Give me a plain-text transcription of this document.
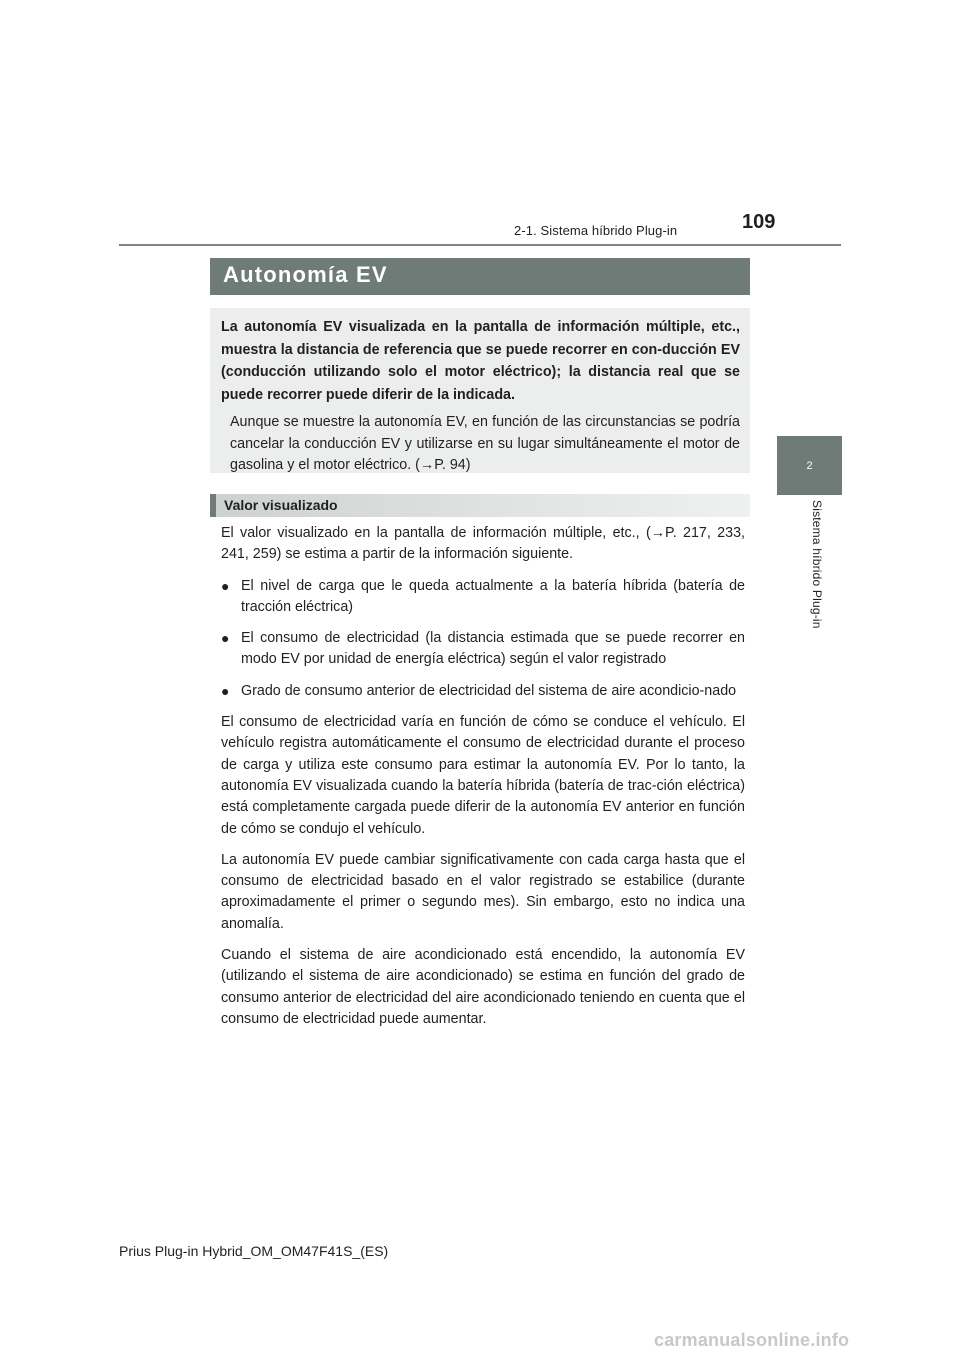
2-1. Sistema híbrido Plug-in	109
2
Sistema híbrido Plug-in
Autonomía EV

La autonomía EV visualizada en la pantalla de información múltiple, etc., muestra la distancia de referencia que se puede recorrer en con-ducción EV (conducción utilizando solo el motor eléctrico); la distancia real que se puede recorrer puede diferir de la indicada.

Aunque se muestre la autonomía EV, en función de las circunstancias se podría cancelar la conducción EV y utilizarse en su lugar simultáneamente el motor de gasolina y el motor eléctrico. (→P. 94)

Valor visualizado

El valor visualizado en la pantalla de información múltiple, etc., (→P. 217, 233, 241, 259) se estima a partir de la información siguiente.

● El nivel de carga que le queda actualmente a la batería híbrida (batería de tracción eléctrica)
● El consumo de electricidad (la distancia estimada que se puede recorrer en modo EV por unidad de energía eléctrica) según el valor registrado
● Grado de consumo anterior de electricidad del sistema de aire acondicio-nado

El consumo de electricidad varía en función de cómo se conduce el vehículo. El vehículo registra automáticamente el consumo de electricidad durante el proceso de carga y utiliza este consumo para estimar la autonomía EV. Por lo tanto, la autonomía EV visualizada cuando la batería híbrida (batería de trac-ción eléctrica) está completamente cargada puede diferir de la autonomía EV anterior en función de cómo se condujo el vehículo.

La autonomía EV puede cambiar significativamente con cada carga hasta que el consumo de electricidad basado en el valor registrado se estabilice (durante aproximadamente el primer o segundo mes). Sin embargo, esto no indica una anomalía.

Cuando el sistema de aire acondicionado está encendido, la autonomía EV (utilizando el sistema de aire acondicionado) se estima en función del grado de consumo anterior de electricidad del aire acondicionado teniendo en cuenta que el consumo de electricidad puede aumentar.

Prius Plug-in Hybrid_OM_OM47F41S_(ES)
carmanualsonline.info
